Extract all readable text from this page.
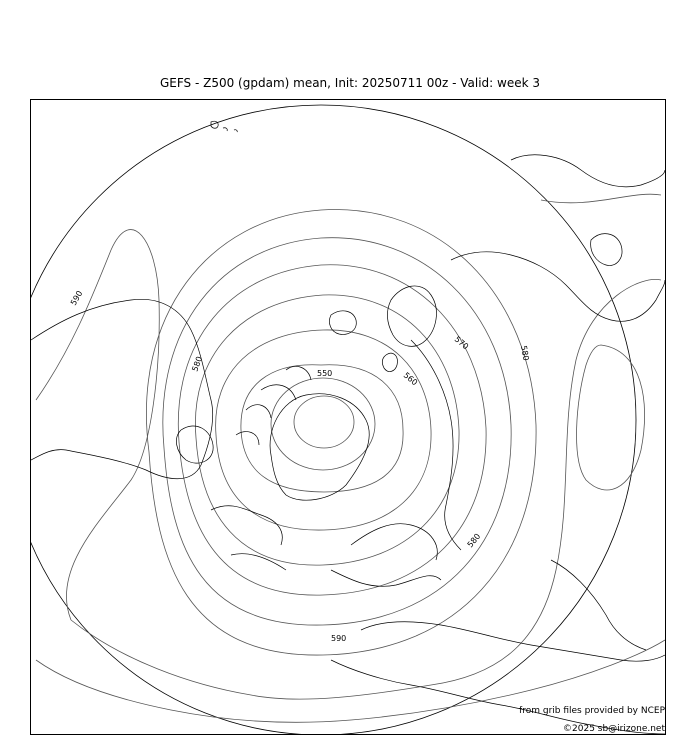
GEFS - Z500 (gpdam) mean, Init: 20250711 00z - Valid: week 3
550	560
570
580
580
580
590
590
from grib files provided by NCEP
©2025 sb@irizone.net
